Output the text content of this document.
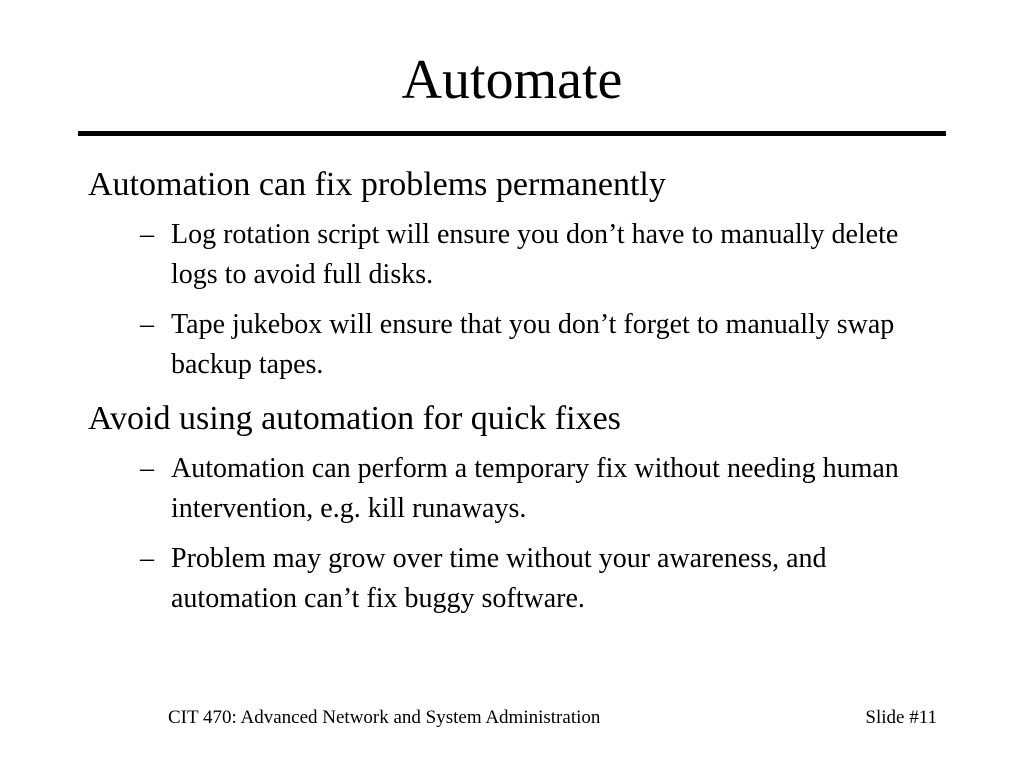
Automate

Automation can fix problems permanently

– Log rotation script will ensure you don’t have to manually delete logs to avoid full disks.
– Tape jukebox will ensure that you don’t forget to manually swap backup tapes.

Avoid using automation for quick fixes

– Automation can perform a temporary fix without needing human intervention, e.g. kill runaways.
– Problem may grow over time without your awareness, and automation can’t fix buggy software.
CIT 470: Advanced Network and System Administration	Slide #11
